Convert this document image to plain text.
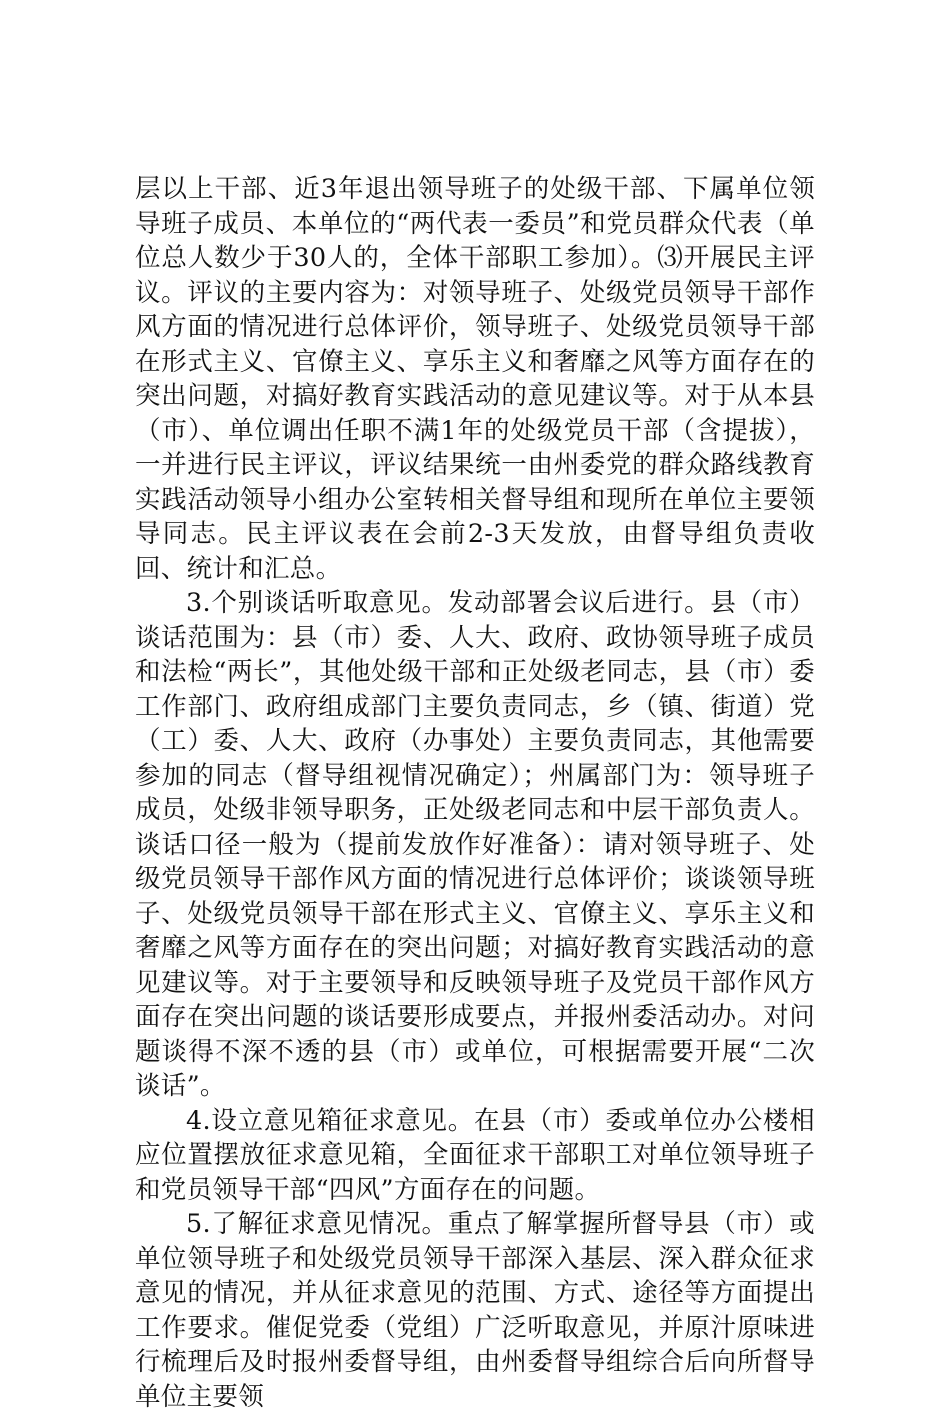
层以上干部、近3年退出领导班子的处级干部、下属单位领导班子成员、本单位的“两代表一委员”和党员群众代表（单位总人数少于30人的，全体干部职工参加）。⑶开展民主评议。评议的主要内容为：对领导班子、处级党员领导干部作风方面的情况进行总体评价，领导班子、处级党员领导干部在形式主义、官僚主义、享乐主义和奢靡之风等方面存在的突出问题，对搞好教育实践活动的意见建议等。对于从本县（市）、单位调出任职不满1年的处级党员干部（含提拔），一并进行民主评议，评议结果统一由州委党的群众路线教育实践活动领导小组办公室转相关督导组和现所在单位主要领导同志。民主评议表在会前2-3天发放，由督导组负责收回、统计和汇总。

3.个别谈话听取意见。发动部署会议后进行。县（市）谈话范围为：县（市）委、人大、政府、政协领导班子成员和法检“两长”，其他处级干部和正处级老同志，县（市）委工作部门、政府组成部门主要负责同志，乡（镇、街道）党（工）委、人大、政府（办事处）主要负责同志，其他需要参加的同志（督导组视情况确定）；州属部门为：领导班子成员，处级非领导职务，正处级老同志和中层干部负责人。谈话口径一般为（提前发放作好准备）：请对领导班子、处级党员领导干部作风方面的情况进行总体评价；谈谈领导班子、处级党员领导干部在形式主义、官僚主义、享乐主义和奢靡之风等方面存在的突出问题；对搞好教育实践活动的意见建议等。对于主要领导和反映领导班子及党员干部作风方面存在突出问题的谈话要形成要点，并报州委活动办。对问题谈得不深不透的县（市）或单位，可根据需要开展“二次谈话”。

4.设立意见箱征求意见。在县（市）委或单位办公楼相应位置摆放征求意见箱，全面征求干部职工对单位领导班子和党员领导干部“四风”方面存在的问题。

5.了解征求意见情况。重点了解掌握所督导县（市）或单位领导班子和处级党员领导干部深入基层、深入群众征求意见的情况，并从征求意见的范围、方式、途径等方面提出工作要求。催促党委（党组）广泛听取意见，并原汁原味进行梳理后及时报州委督导组，由州委督导组综合后向所督导单位主要领
